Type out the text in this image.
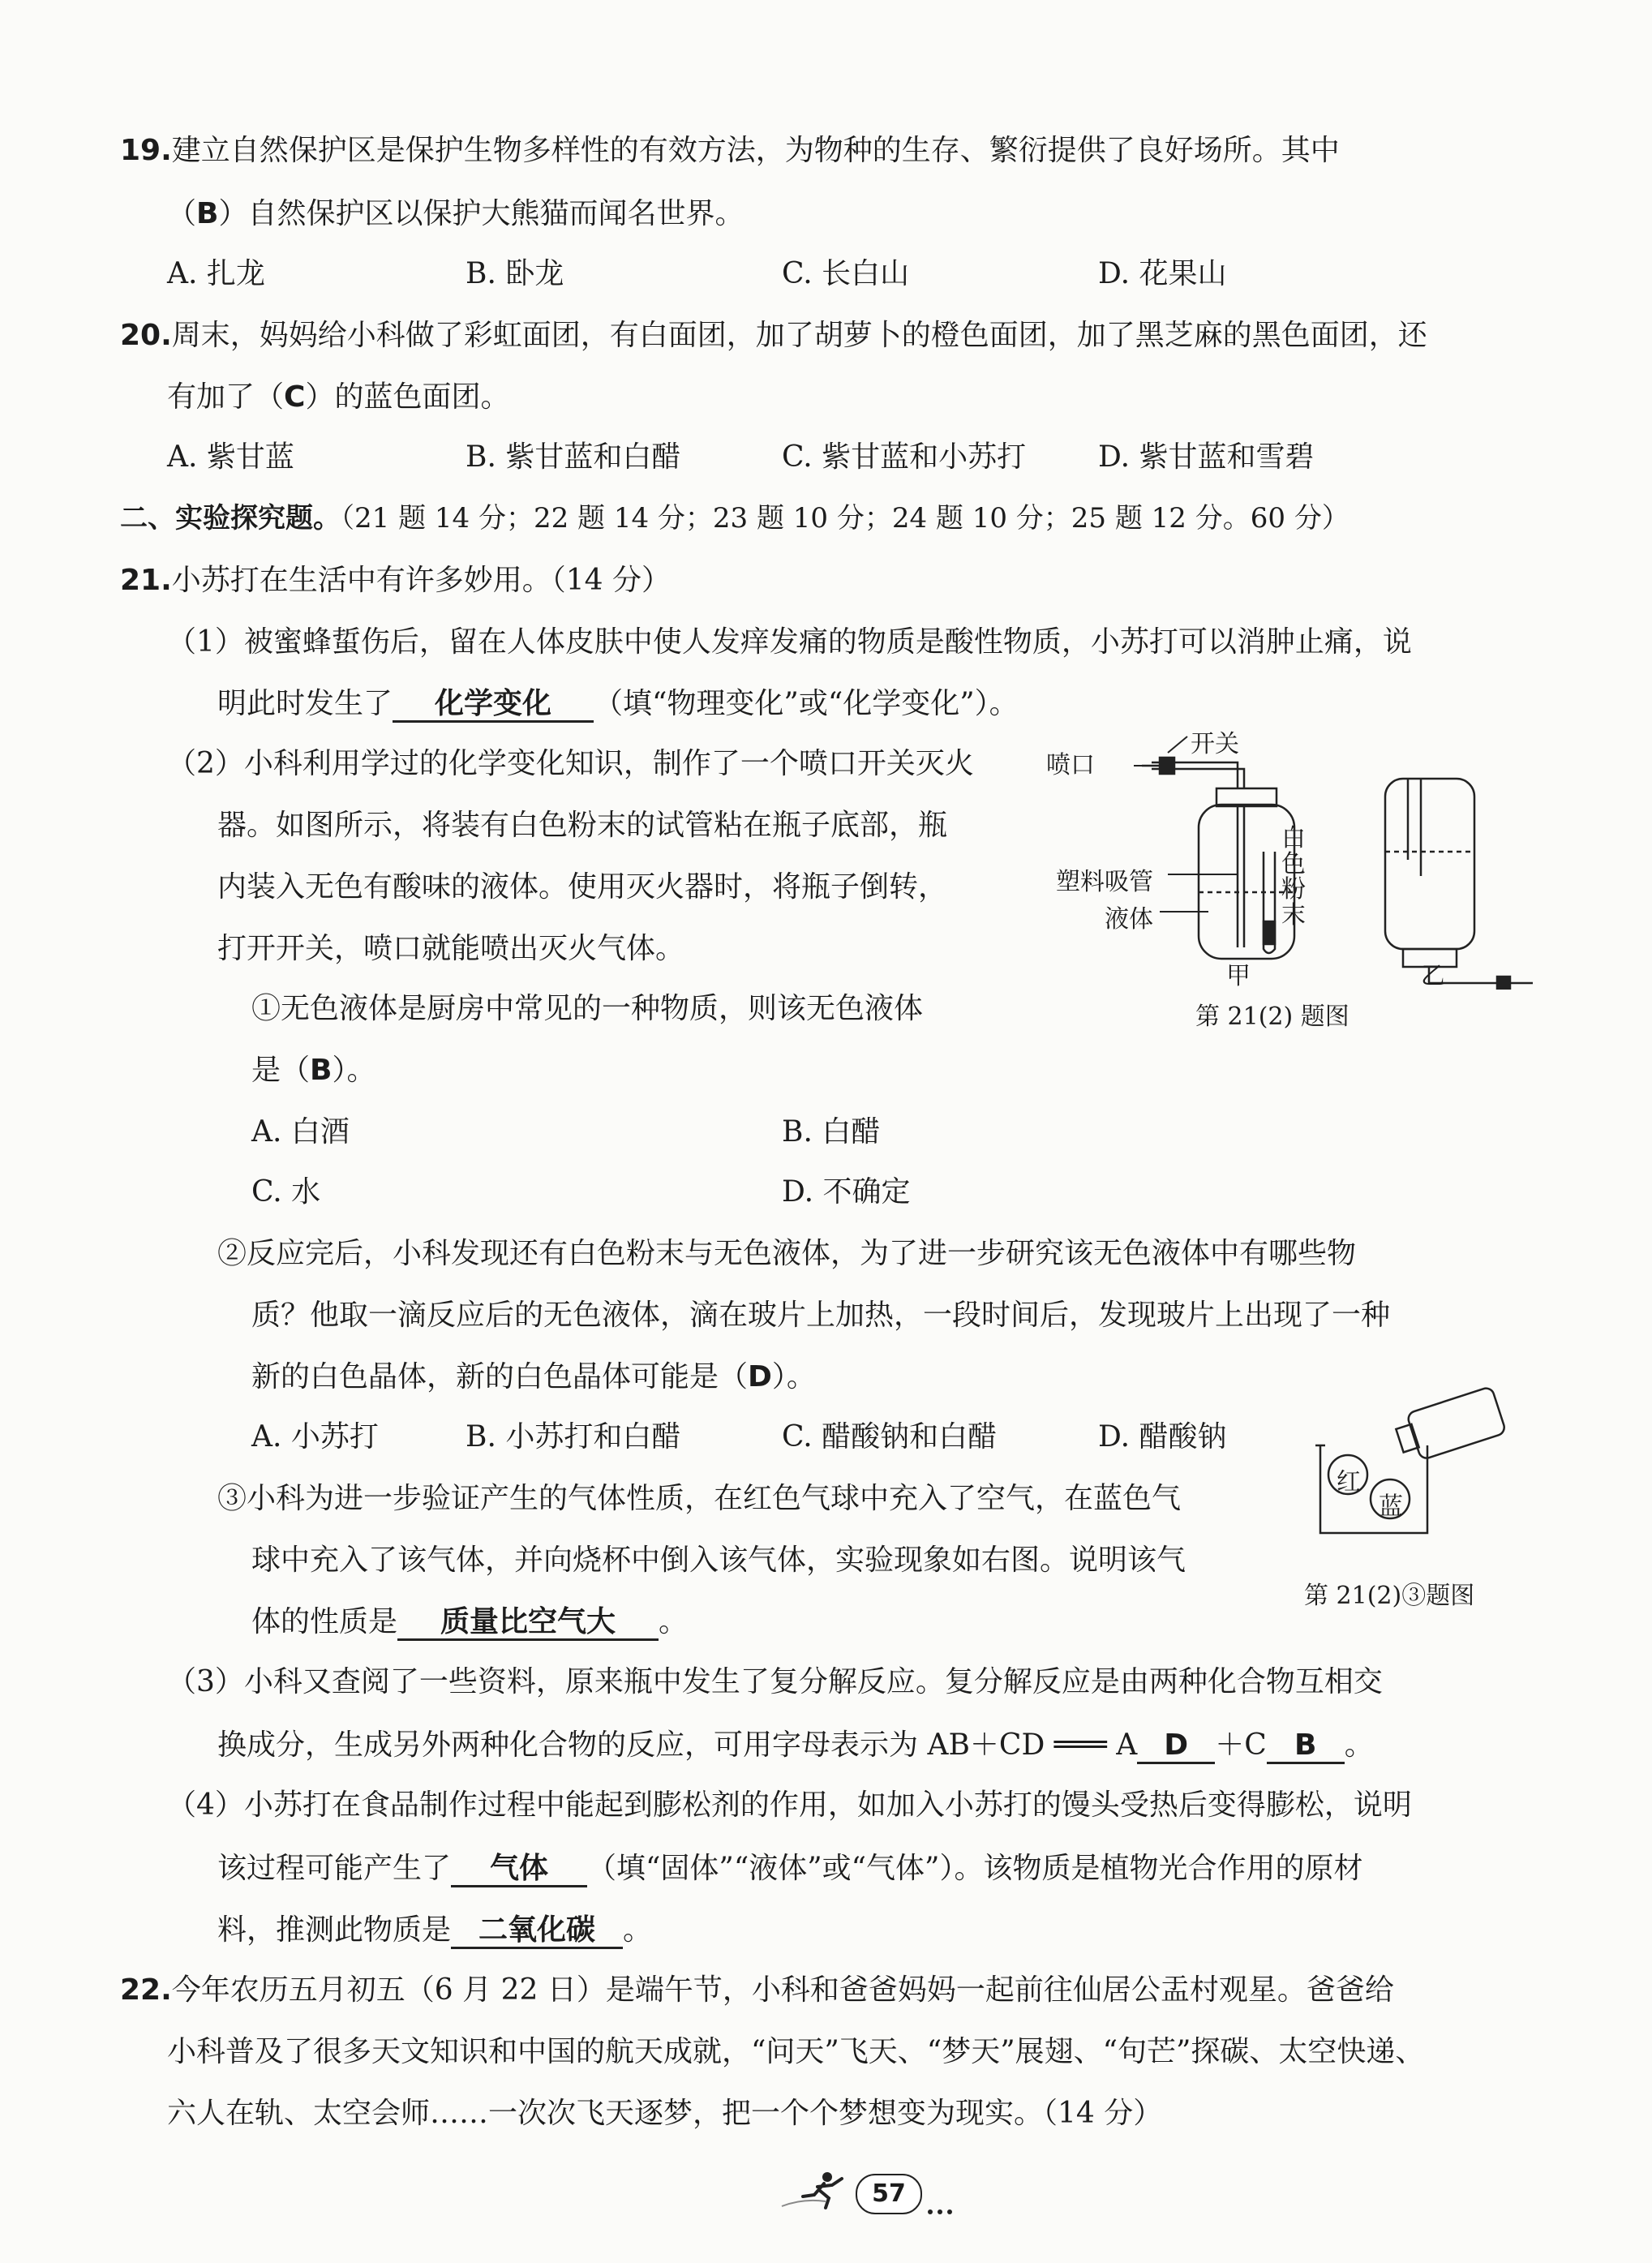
19.建立自然保护区是保护生物多样性的有效方法，为物种的生存、繁衍提供了良好场所。其中
（B）自然保护区以保护大熊猫而闻名世界。
A. 扎龙	B. 卧龙	C. 长白山	D. 花果山
20.周末，妈妈给小科做了彩虹面团，有白面团，加了胡萝卜的橙色面团，加了黑芝麻的黑色面团，还
有加了（C）的蓝色面团。
A. 紫甘蓝	B. 紫甘蓝和白醋	C. 紫甘蓝和小苏打 D. 紫甘蓝和雪碧
二、实验探究题。（21 题 14 分；22 题 14 分；23 题 10 分；24 题 10 分；25 题 12 分。60 分）
21.小苏打在生活中有许多妙用。（14 分）
（1）被蜜蜂蜇伤后，留在人体皮肤中使人发痒发痛的物质是酸性物质，小苏打可以消肿止痛，说
明此时发生了 化学变化 （填“物理变化”或“化学变化”）。
（2）小科利用学过的化学变化知识，制作了一个喷口开关灭火
器。如图所示，将装有白色粉末的试管粘在瓶子底部，瓶
内装入无色有酸味的液体。使用灭火器时，将瓶子倒转，
打开开关，喷口就能喷出灭火气体。
喷口
开关
塑料吸管
液体
白
色
粉
末
甲	乙
①无色液体是厨房中常见的一种物质，则该无色液体	第 21(2) 题图
是（B）。
A. 白酒	B. 白醋
C. 水	D. 不确定
②反应完后，小科发现还有白色粉末与无色液体，为了进一步研究该无色液体中有哪些物
质？他取一滴反应后的无色液体，滴在玻片上加热，一段时间后，发现玻片上出现了一种
新的白色晶体，新的白色晶体可能是（D）。
A. 小苏打	B. 小苏打和白醋	C. 醋酸钠和白醋	D. 醋酸钠
③小科为进一步验证产生的气体性质，在红色气球中充入了空气，在蓝色气
球中充入了该气体，并向烧杯中倒入该气体，实验现象如右图。说明该气
体的性质是 质量比空气大 。
红
蓝
第 21(2)③题图
（3）小科又查阅了一些资料，原来瓶中发生了复分解反应。复分解反应是由两种化合物互相交
换成分，生成另外两种化合物的反应，可用字母表示为 AB＋CD ═══ A D ＋C B 。
（4）小苏打在食品制作过程中能起到膨松剂的作用，如加入小苏打的馒头受热后变得膨松，说明
该过程可能产生了 气体 （填“固体”“液体”或“气体”）。该物质是植物光合作用的原材
料，推测此物质是 二氧化碳 。
22.今年农历五月初五（6 月 22 日）是端午节，小科和爸爸妈妈一起前往仙居公盂村观星。爸爸给
小科普及了很多天文知识和中国的航天成就，“问天”飞天、“梦天”展翅、“句芒”探碳、太空快递、
六人在轨、太空会师……一次次飞天逐梦，把一个个梦想变为现实。（14 分）
57
